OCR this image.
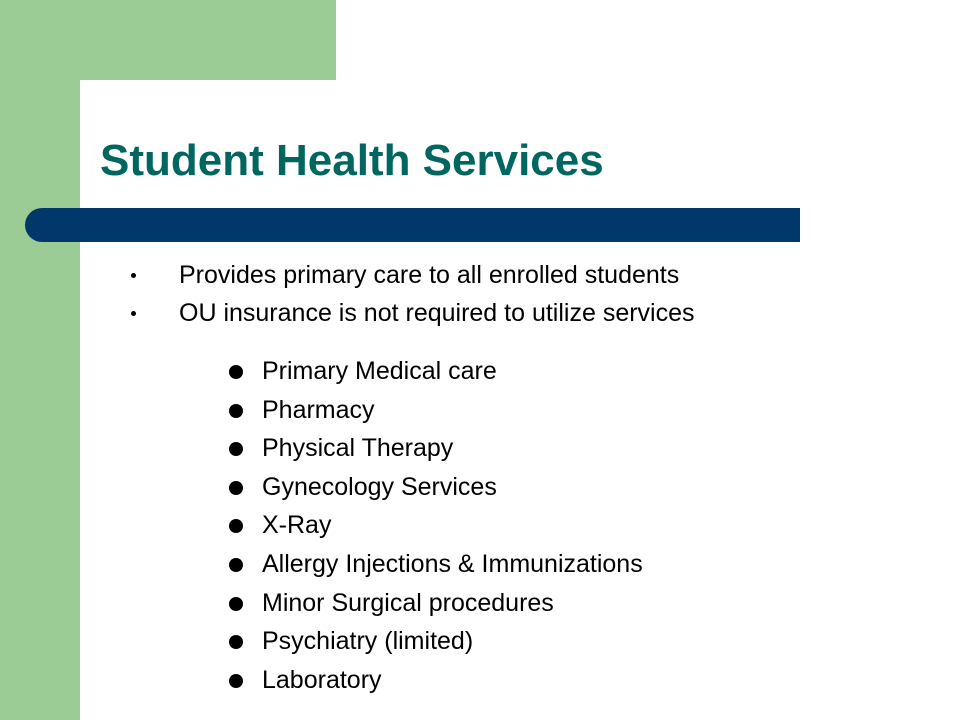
Student Health Services
Provides primary care to all enrolled students
OU insurance is not required to utilize services
Primary Medical care
Pharmacy
Physical Therapy
Gynecology Services
X-Ray
Allergy Injections & Immunizations
Minor Surgical procedures
Psychiatry (limited)
Laboratory
